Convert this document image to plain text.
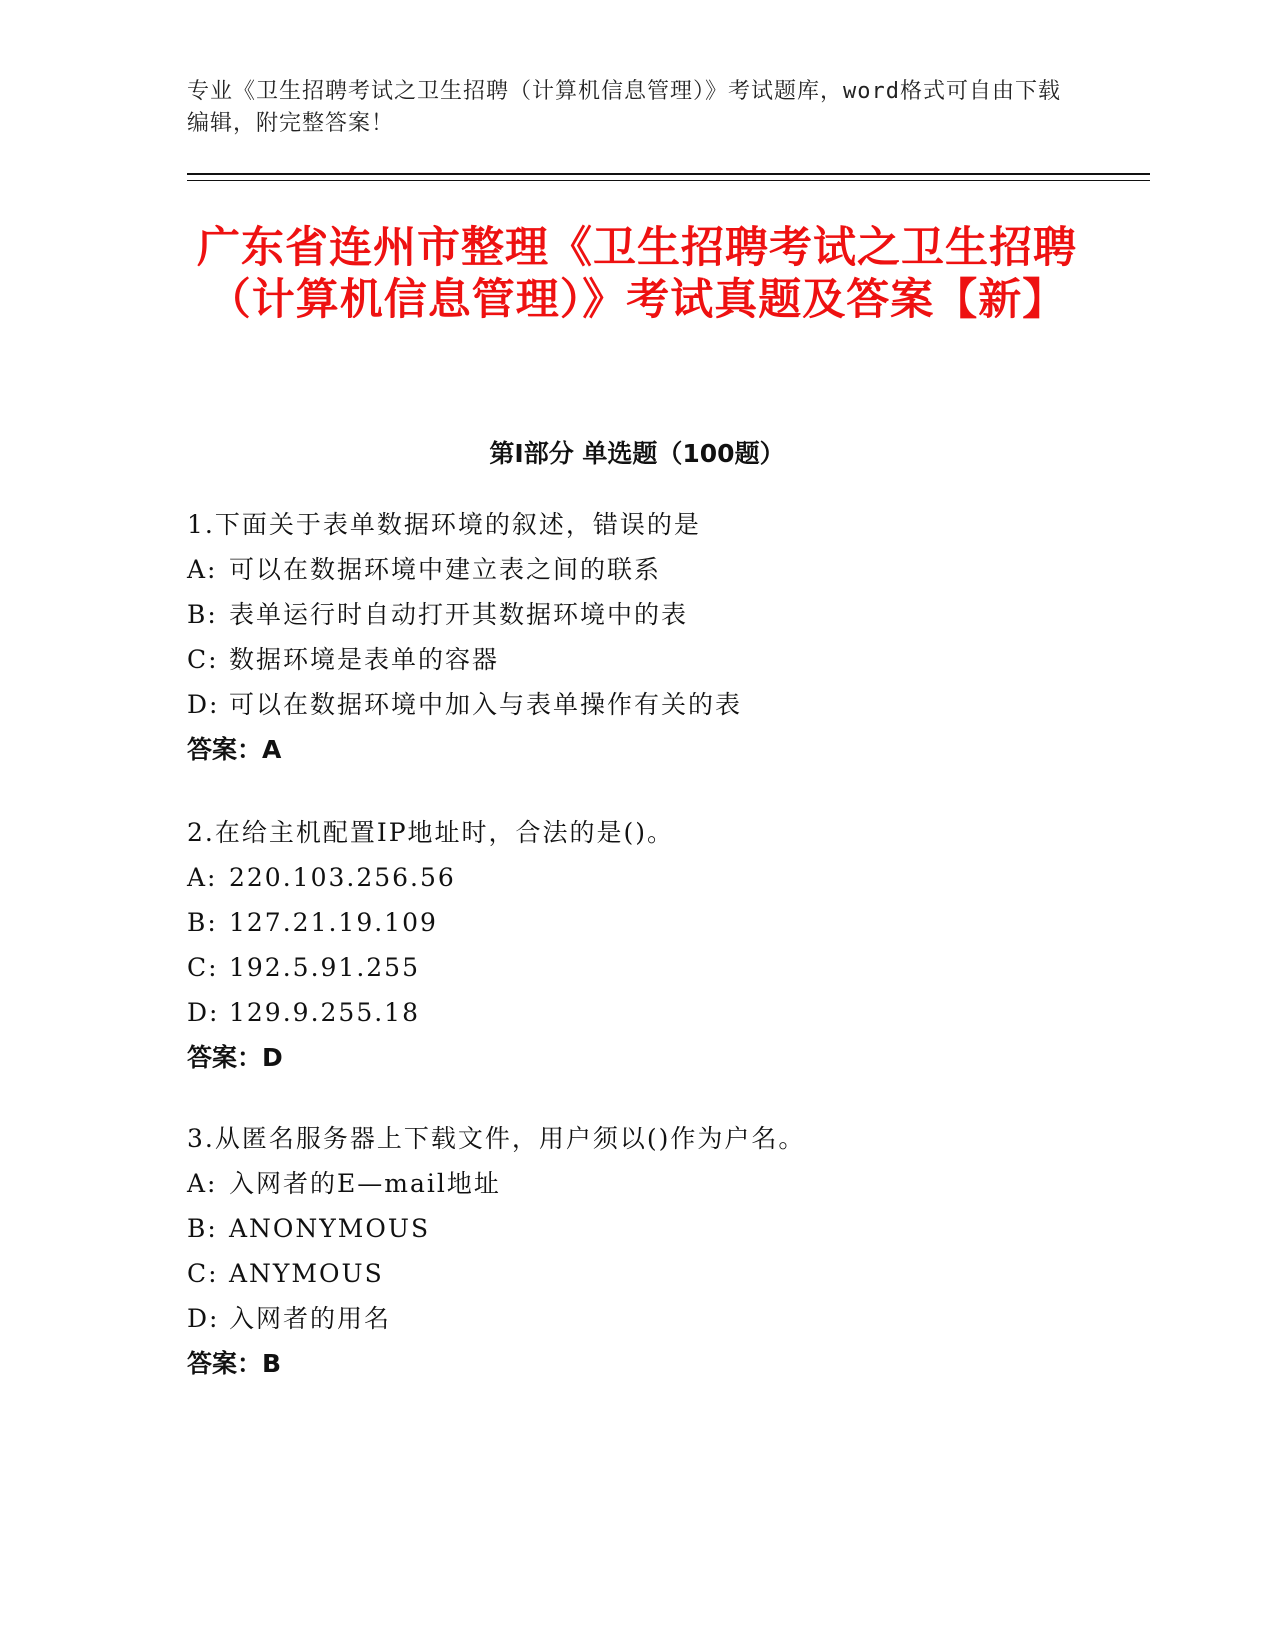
专业《卫生招聘考试之卫生招聘（计算机信息管理）》考试题库，word格式可自由下载编辑，附完整答案！
广东省连州市整理《卫生招聘考试之卫生招聘（计算机信息管理）》考试真题及答案【新】
第I部分 单选题（100题）
1.下面关于表单数据环境的叙述，错误的是
A: 可以在数据环境中建立表之间的联系
B: 表单运行时自动打开其数据环境中的表
C: 数据环境是表单的容器
D: 可以在数据环境中加入与表单操作有关的表
答案：A
2.在给主机配置IP地址时，合法的是()。
A: 220.103.256.56
B: 127.21.19.109
C: 192.5.91.255
D: 129.9.255.18
答案：D
3.从匿名服务器上下载文件，用户须以()作为户名。
A: 入网者的E—mail地址
B: ANONYMOUS
C: ANYMOUS
D: 入网者的用名
答案：B
